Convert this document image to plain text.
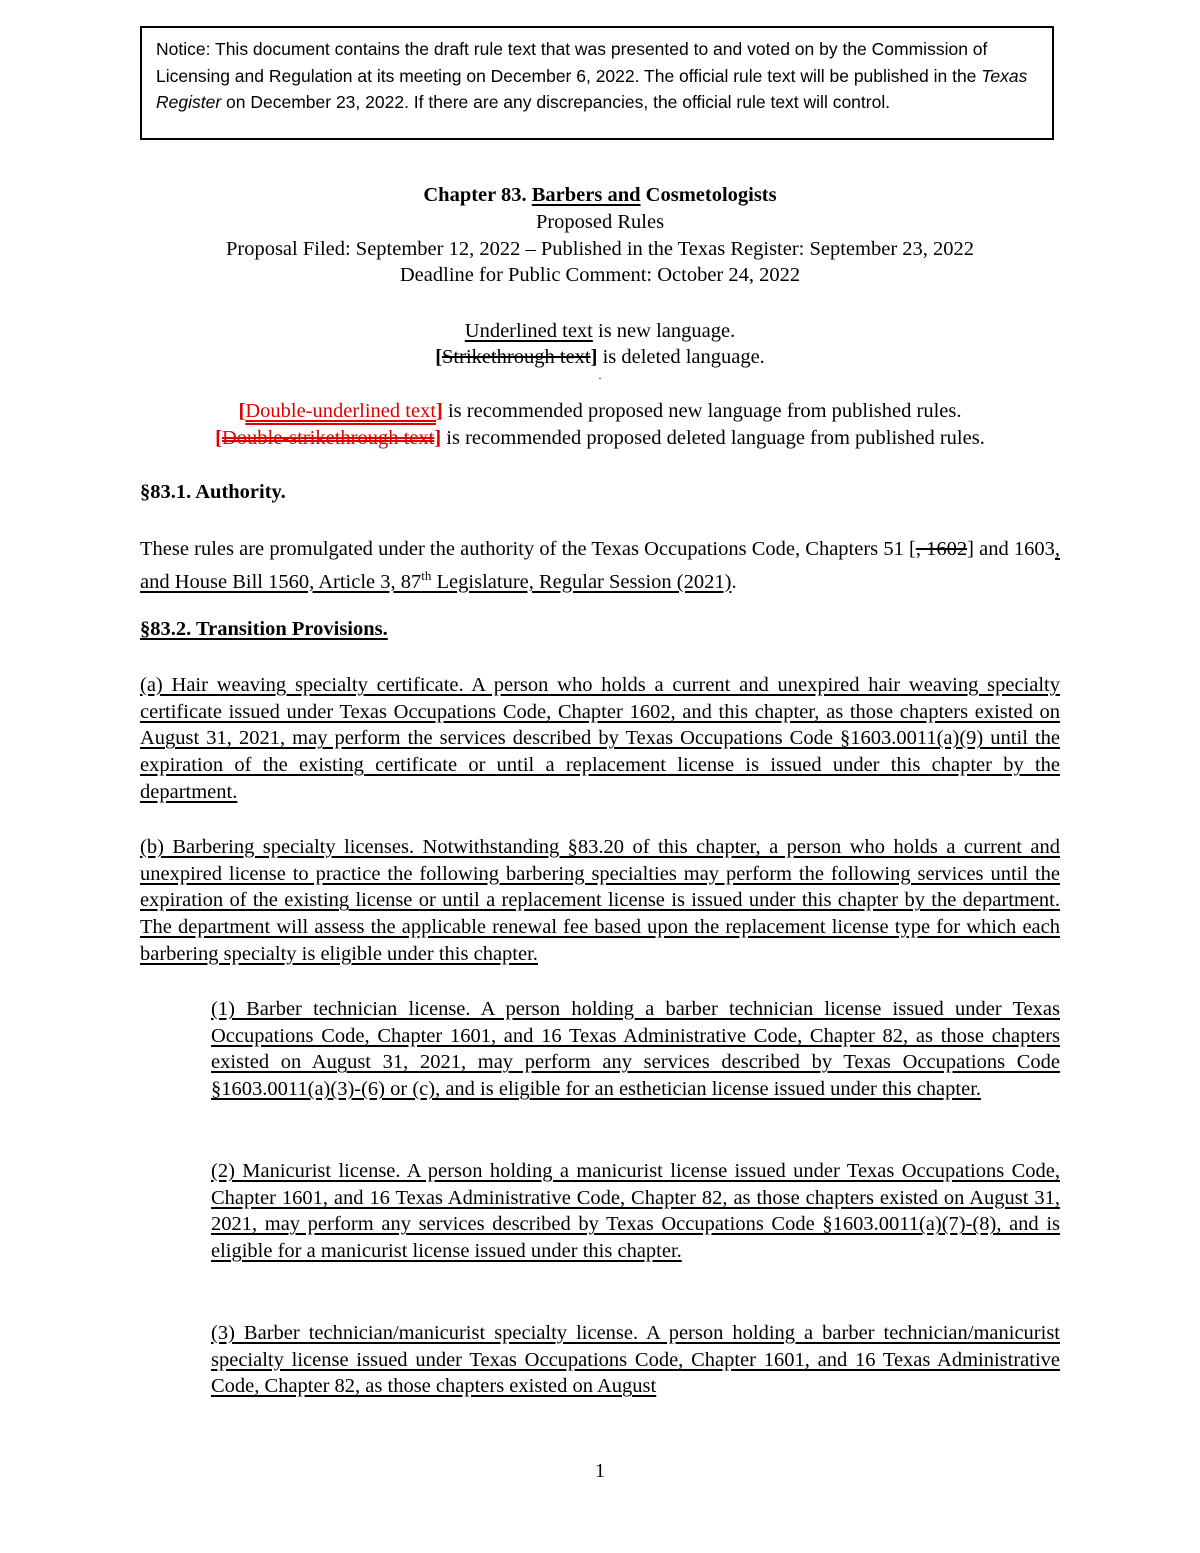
Notice: This document contains the draft rule text that was presented to and voted on by the Commission of Licensing and Regulation at its meeting on December 6, 2022. The official rule text will be published in the Texas Register on December 23, 2022. If there are any discrepancies, the official rule text will control.

Chapter 83. Barbers and Cosmetologists
Proposed Rules
Proposal Filed: September 12, 2022 – Published in the Texas Register: September 23, 2022
Deadline for Public Comment: October 24, 2022
Underlined text is new language.
[Strikethrough text] is deleted language.
.
[Double-underlined text] is recommended proposed new language from published rules.
[Double-strikethrough text] is recommended proposed deleted language from published rules.
§83.1. Authority.

These rules are promulgated under the authority of the Texas Occupations Code, Chapters 51 [, 1602] and 1603, and House Bill 1560, Article 3, 87th Legislature, Regular Session (2021).

§83.2. Transition Provisions.

(a) Hair weaving specialty certificate. A person who holds a current and unexpired hair weaving specialty certificate issued under Texas Occupations Code, Chapter 1602, and this chapter, as those chapters existed on August 31, 2021, may perform the services described by Texas Occupations Code §1603.0011(a)(9) until the expiration of the existing certificate or until a replacement license is issued under this chapter by the department.

(b) Barbering specialty licenses. Notwithstanding §83.20 of this chapter, a person who holds a current and unexpired license to practice the following barbering specialties may perform the following services until the expiration of the existing license or until a replacement license is issued under this chapter by the department. The department will assess the applicable renewal fee based upon the replacement license type for which each barbering specialty is eligible under this chapter.

(1) Barber technician license. A person holding a barber technician license issued under Texas Occupations Code, Chapter 1601, and 16 Texas Administrative Code, Chapter 82, as those chapters existed on August 31, 2021, may perform any services described by Texas Occupations Code §1603.0011(a)(3)-(6) or (c), and is eligible for an esthetician license issued under this chapter.

(2) Manicurist license. A person holding a manicurist license issued under Texas Occupations Code, Chapter 1601, and 16 Texas Administrative Code, Chapter 82, as those chapters existed on August 31, 2021, may perform any services described by Texas Occupations Code §1603.0011(a)(7)-(8), and is eligible for a manicurist license issued under this chapter.

(3) Barber technician/manicurist specialty license. A person holding a barber technician/manicurist specialty license issued under Texas Occupations Code, Chapter 1601, and 16 Texas Administrative Code, Chapter 82, as those chapters existed on August

1
